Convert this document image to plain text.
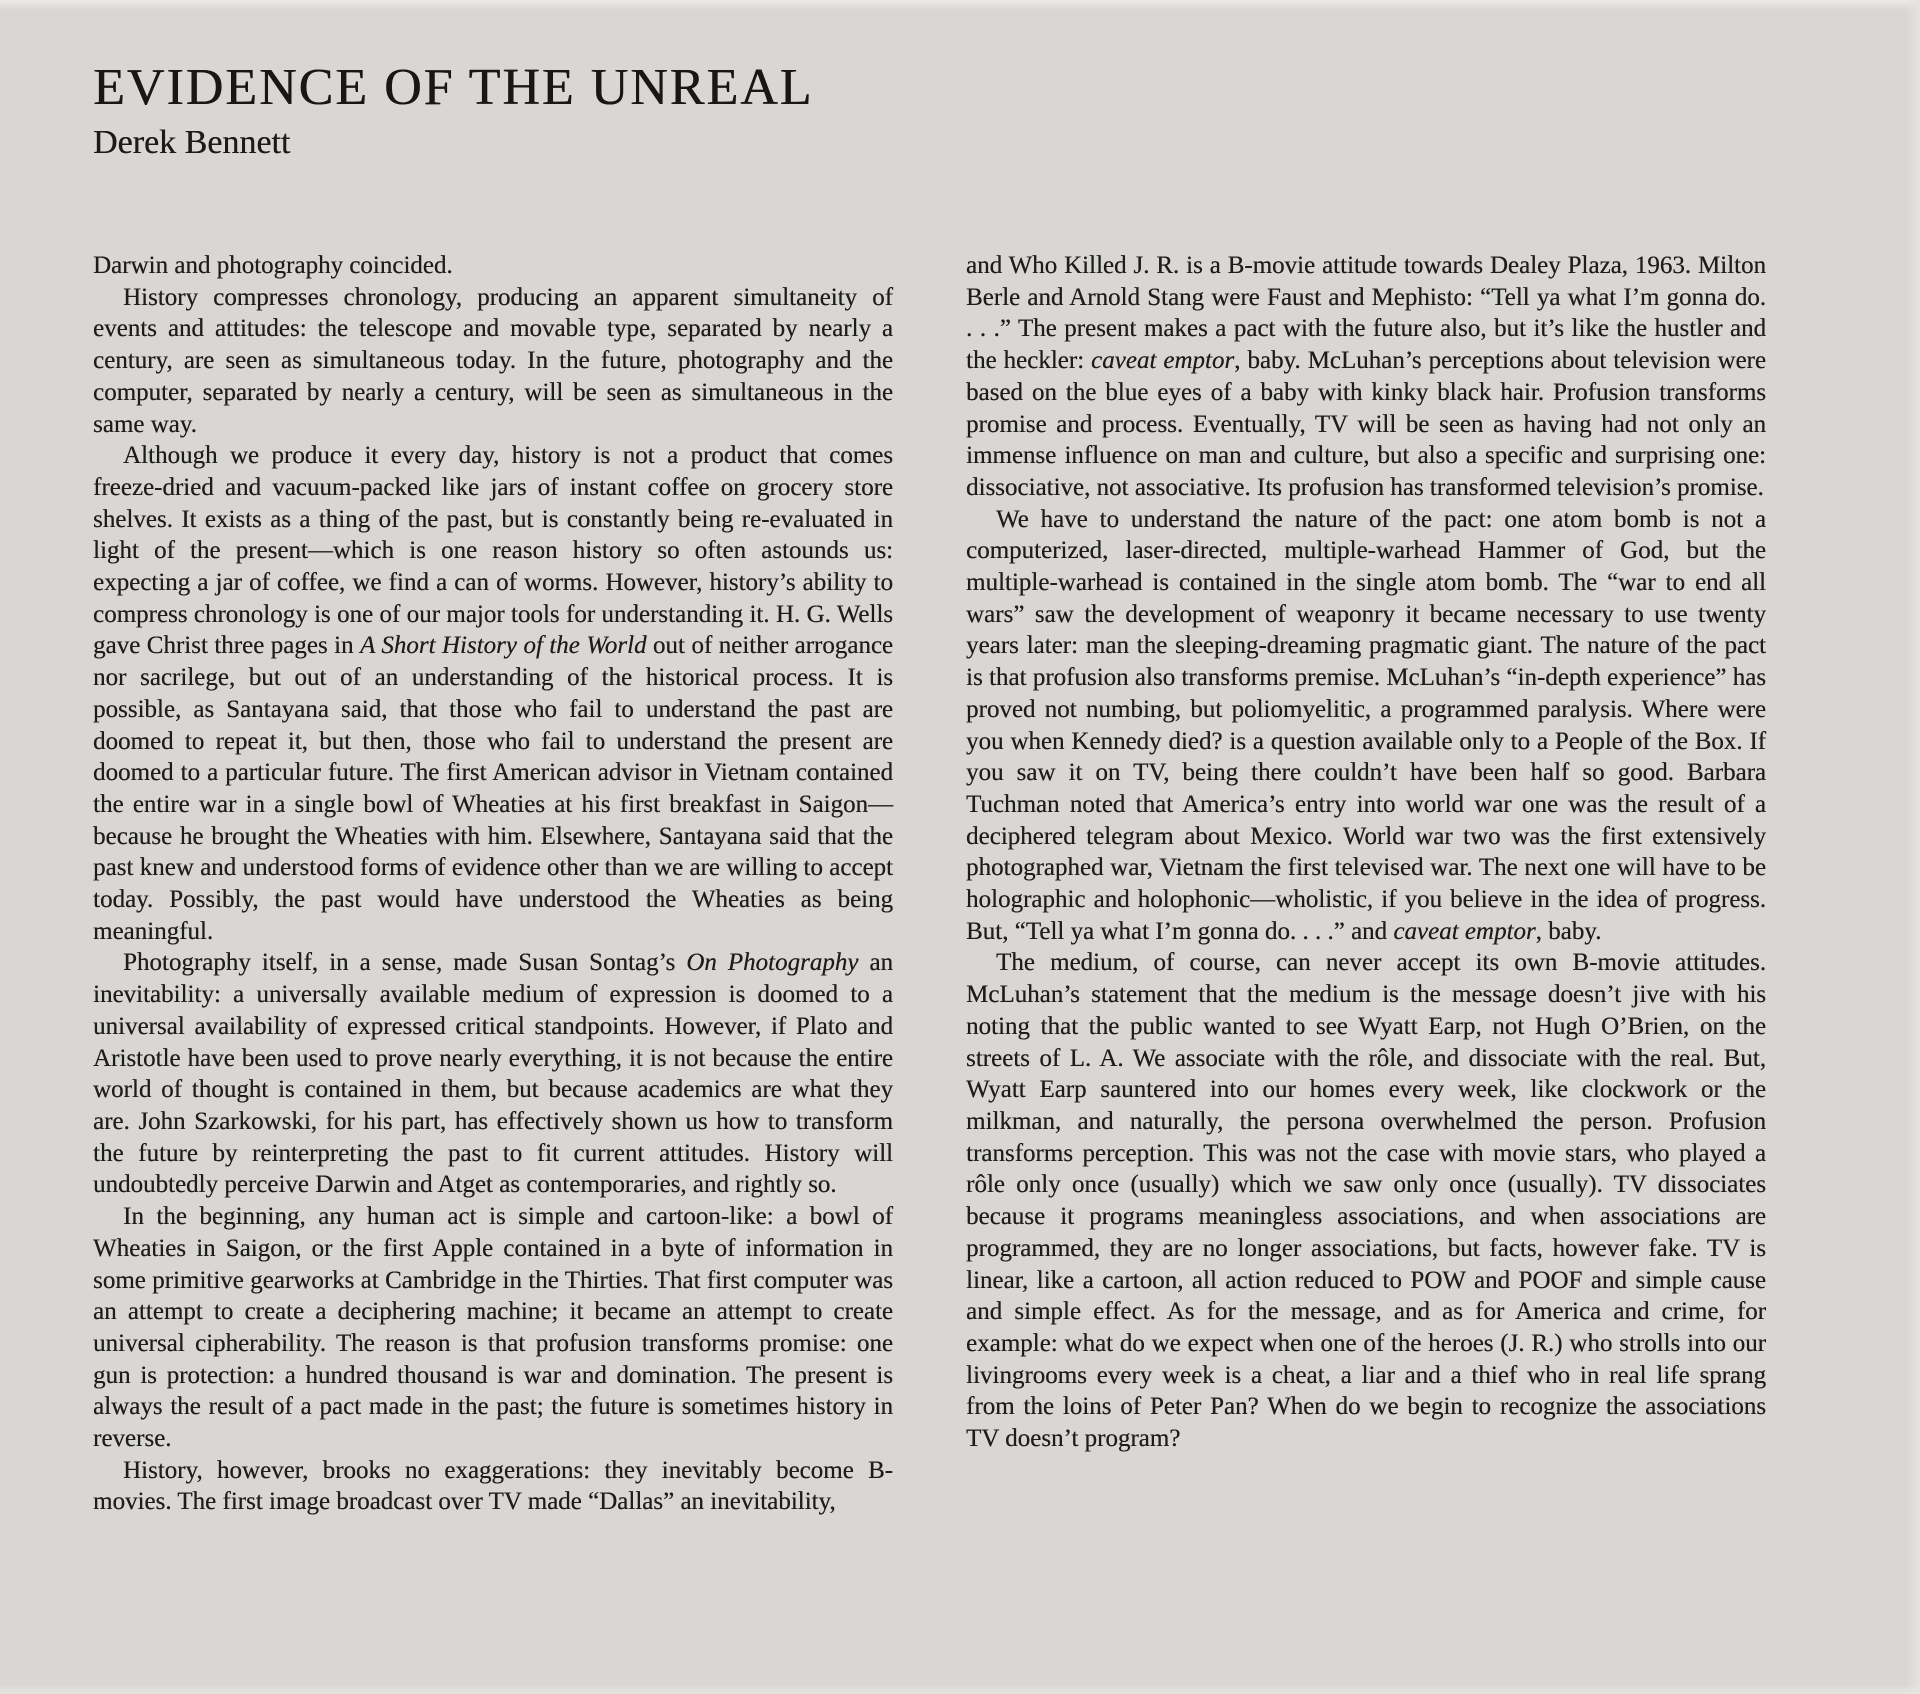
EVIDENCE OF THE UNREAL
Derek Bennett

Darwin and photography coincided.

History compresses chronology, producing an apparent simultaneity of events and attitudes: the telescope and movable type, separated by nearly a century, are seen as simultaneous today. In the future, photography and the computer, separated by nearly a century, will be seen as simultaneous in the same way.

Although we produce it every day, history is not a product that comes freeze-dried and vacuum-packed like jars of instant coffee on grocery store shelves. It exists as a thing of the past, but is constantly being re-evaluated in light of the present—which is one reason history so often astounds us: expecting a jar of coffee, we find a can of worms. However, history’s ability to compress chronology is one of our major tools for understanding it. H. G. Wells gave Christ three pages in A Short History of the World out of neither arrogance nor sacrilege, but out of an understanding of the historical process. It is possible, as Santayana said, that those who fail to understand the past are doomed to repeat it, but then, those who fail to understand the present are doomed to a particular future. The first American advisor in Vietnam contained the entire war in a single bowl of Wheaties at his first breakfast in Saigon—because he brought the Wheaties with him. Elsewhere, Santayana said that the past knew and understood forms of evidence other than we are willing to accept today. Possibly, the past would have understood the Wheaties as being meaningful.

Photography itself, in a sense, made Susan Sontag’s On Photography an inevitability: a universally available medium of expression is doomed to a universal availability of expressed critical standpoints. However, if Plato and Aristotle have been used to prove nearly everything, it is not because the entire world of thought is contained in them, but because academics are what they are. John Szarkowski, for his part, has effectively shown us how to transform the future by reinterpreting the past to fit current attitudes. History will undoubtedly perceive Darwin and Atget as contemporaries, and rightly so.

In the beginning, any human act is simple and cartoon-like: a bowl of Wheaties in Saigon, or the first Apple contained in a byte of information in some primitive gearworks at Cambridge in the Thirties. That first computer was an attempt to create a deciphering machine; it became an attempt to create universal cipherability. The reason is that profusion transforms promise: one gun is protection: a hundred thousand is war and domination. The present is always the result of a pact made in the past; the future is sometimes history in reverse.

History, however, brooks no exaggerations: they inevitably become B-movies. The first image broadcast over TV made “Dallas” an inevitability,

and Who Killed J. R. is a B-movie attitude towards Dealey Plaza, 1963. Milton Berle and Arnold Stang were Faust and Mephisto: “Tell ya what I’m gonna do. . . .” The present makes a pact with the future also, but it’s like the hustler and the heckler: caveat emptor, baby. McLuhan’s perceptions about television were based on the blue eyes of a baby with kinky black hair. Profusion transforms promise and process. Eventually, TV will be seen as having had not only an immense influence on man and culture, but also a specific and surprising one: dissociative, not associative. Its profusion has transformed television’s promise.

We have to understand the nature of the pact: one atom bomb is not a computerized, laser-directed, multiple-warhead Hammer of God, but the multiple-warhead is contained in the single atom bomb. The “war to end all wars” saw the development of weaponry it became necessary to use twenty years later: man the sleeping-dreaming pragmatic giant. The nature of the pact is that profusion also transforms premise. McLuhan’s “in-depth experience” has proved not numbing, but poliomyelitic, a programmed paralysis. Where were you when Kennedy died? is a question available only to a People of the Box. If you saw it on TV, being there couldn’t have been half so good. Barbara Tuchman noted that America’s entry into world war one was the result of a deciphered telegram about Mexico. World war two was the first extensively photographed war, Vietnam the first televised war. The next one will have to be holographic and holophonic—wholistic, if you believe in the idea of progress. But, “Tell ya what I’m gonna do. . . .” and caveat emptor, baby.

The medium, of course, can never accept its own B-movie attitudes. McLuhan’s statement that the medium is the message doesn’t jive with his noting that the public wanted to see Wyatt Earp, not Hugh O’Brien, on the streets of L. A. We associate with the rôle, and dissociate with the real. But, Wyatt Earp sauntered into our homes every week, like clockwork or the milkman, and naturally, the persona overwhelmed the person. Profusion transforms perception. This was not the case with movie stars, who played a rôle only once (usually) which we saw only once (usually). TV dissociates because it programs meaningless associations, and when associations are programmed, they are no longer associations, but facts, however fake. TV is linear, like a cartoon, all action reduced to POW and POOF and simple cause and simple effect. As for the message, and as for America and crime, for example: what do we expect when one of the heroes (J. R.) who strolls into our livingrooms every week is a cheat, a liar and a thief who in real life sprang from the loins of Peter Pan? When do we begin to recognize the associations TV doesn’t program?
